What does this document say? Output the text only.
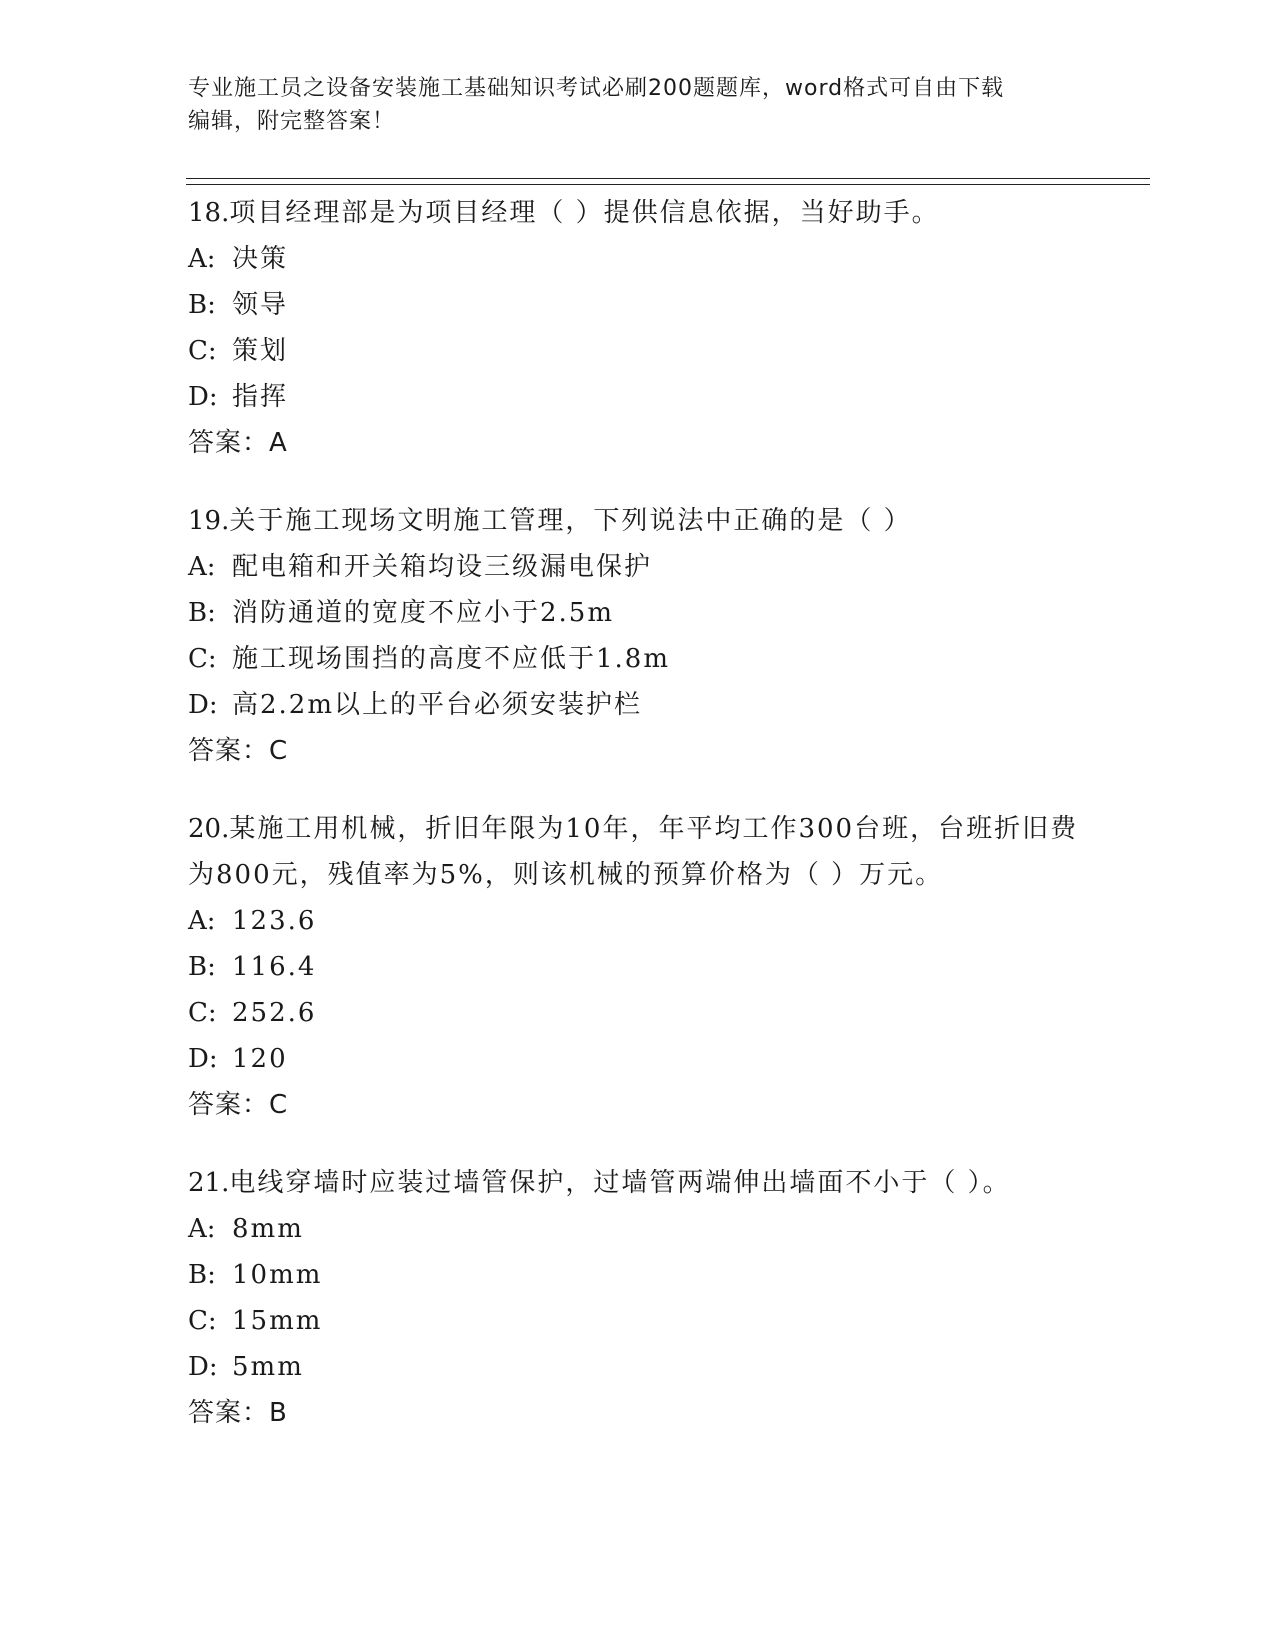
专业施工员之设备安装施工基础知识考试必刷200题题库，word格式可自由下载
编辑，附完整答案！
18.项目经理部是为项目经理（ ）提供信息依据，当好助手。
A: 决策
B: 领导
C: 策划
D: 指挥
答案：A
19.关于施工现场文明施工管理，下列说法中正确的是（ ）
A: 配电箱和开关箱均设三级漏电保护
B: 消防通道的宽度不应小于2.5m
C: 施工现场围挡的高度不应低于1.8m
D: 高2.2m以上的平台必须安装护栏
答案：C
20.某施工用机械，折旧年限为10年，年平均工作300台班，台班折旧费为800元，残值率为5%，则该机械的预算价格为（ ）万元。
A: 123.6
B: 116.4
C: 252.6
D: 120
答案：C
21.电线穿墙时应装过墙管保护，过墙管两端伸出墙面不小于（ ）。
A: 8mm
B: 10mm
C: 15mm
D: 5mm
答案：B
